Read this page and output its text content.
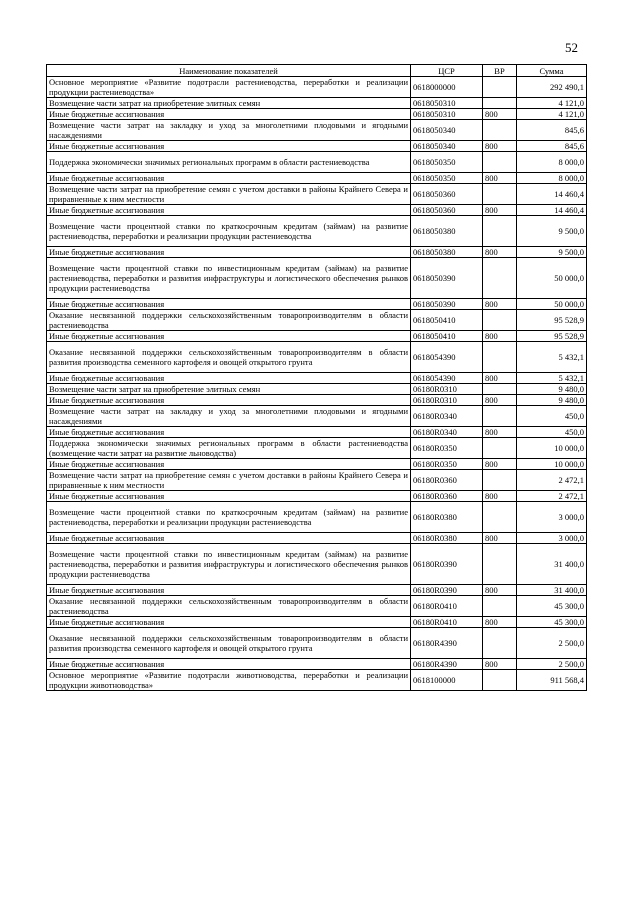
52
Наименование показателей	ЦСР	ВР	Сумма
Основное мероприятие «Развитие подотрасли растениеводства, переработки и реализации продукции растениеводства»	0618000000		292 490,1
Возмещение части затрат на приобретение элитных семян	0618050310		4 121,0
Иные бюджетные ассигнования	0618050310	800	4 121,0
Возмещение части затрат на закладку и уход за многолетними плодовыми и ягодными насаждениями	0618050340		845,6
Иные бюджетные ассигнования	0618050340	800	845,6
Поддержка экономически значимых региональных программ в области растениеводства	0618050350		8 000,0
Иные бюджетные ассигнования	0618050350	800	8 000,0
Возмещение части затрат на приобретение семян с учетом доставки в районы Крайнего Севера и приравненные к ним местности	0618050360		14 460,4
Иные бюджетные ассигнования	0618050360	800	14 460,4
Возмещение части процентной ставки по краткосрочным кредитам (займам) на развитие растениеводства, переработки и реализации продукции растениеводства	0618050380		9 500,0
Иные бюджетные ассигнования	0618050380	800	9 500,0
Возмещение части процентной ставки по инвестиционным кредитам (займам) на развитие растениеводства, переработки и развития инфраструктуры и логистического обеспечения рынков продукции растениеводства	0618050390		50 000,0
Иные бюджетные ассигнования	0618050390	800	50 000,0
Оказание несвязанной поддержки сельскохозяйственным товаропроизводителям в области растениеводства	0618050410		95 528,9
Иные бюджетные ассигнования	0618050410	800	95 528,9
Оказание несвязанной поддержки сельскохозяйственным товаропроизводителям в области развития производства семенного картофеля и овощей открытого грунта	0618054390		5 432,1
Иные бюджетные ассигнования	0618054390	800	5 432,1
Возмещение части затрат на приобретение элитных семян	06180R0310		9 480,0
Иные бюджетные ассигнования	06180R0310	800	9 480,0
Возмещение части затрат на закладку и уход за многолетними плодовыми и ягодными насаждениями	06180R0340		450,0
Иные бюджетные ассигнования	06180R0340	800	450,0
Поддержка экономически значимых региональных программ в области растениеводства (возмещение части затрат на развитие льноводства)	06180R0350		10 000,0
Иные бюджетные ассигнования	06180R0350	800	10 000,0
Возмещение части затрат на приобретение семян с учетом доставки в районы Крайнего Севера и приравненные к ним местности	06180R0360		2 472,1
Иные бюджетные ассигнования	06180R0360	800	2 472,1
Возмещение части процентной ставки по краткосрочным кредитам (займам) на развитие растениеводства, переработки и реализации продукции растениеводства	06180R0380		3 000,0
Иные бюджетные ассигнования	06180R0380	800	3 000,0
Возмещение части процентной ставки по инвестиционным кредитам (займам) на развитие растениеводства, переработки и развития инфраструктуры и логистического обеспечения рынков продукции растениеводства	06180R0390		31 400,0
Иные бюджетные ассигнования	06180R0390	800	31 400,0
Оказание несвязанной поддержки сельскохозяйственным товаропроизводителям в области растениеводства	06180R0410		45 300,0
Иные бюджетные ассигнования	06180R0410	800	45 300,0
Оказание несвязанной поддержки сельскохозяйственным товаропроизводителям в области развития производства семенного картофеля и овощей открытого грунта	06180R4390		2 500,0
Иные бюджетные ассигнования	06180R4390	800	2 500,0
Основное мероприятие «Развитие подотрасли животноводства, переработки и реализации продукции животноводства»	0618100000		911 568,4
